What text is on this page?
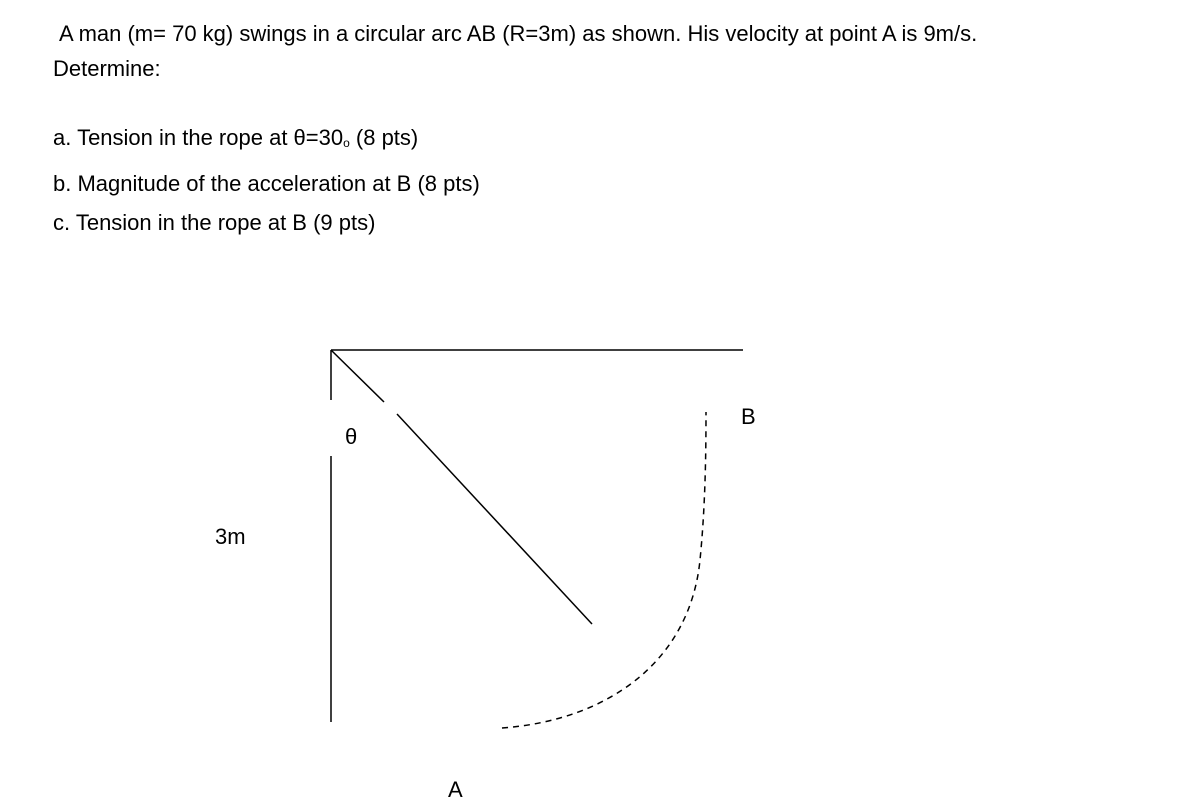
A man (m= 70 kg) swings in a circular arc AB (R=3m) as shown. His velocity at point A is 9m/s.
Determine:
a. Tension in the rope at θ=30o (8 pts)
b. Magnitude of the acceleration at B (8 pts)
c. Tension in the rope at B (9 pts)
θ
3m
A
B
